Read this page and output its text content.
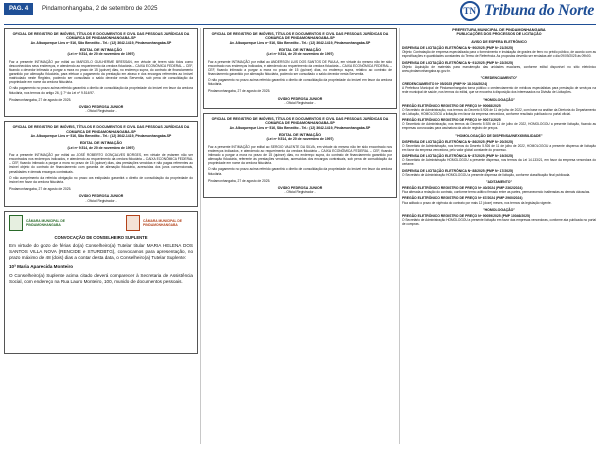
PAG. 4	Pindamonhangaba, 2 de setembro de 2025	TN Tribuna do Norte
OFICIAL DE REGISTRO DE IMÓVEIS, TÍTULOS E DOCUMENTOS E CIVIL DAS PESSOAS JURÍDICAS DA COMARCA DE PINDAMONHANGABA-SP
Av. Albuquerque Lins nº 516, São Benedito - Tel.: (12) 3642-1419, Pindamonhangaba-SP
EDITAL DE INTIMAÇÃO
(Lei nº 9.514, de 20 de novembro de 1997)

Faz a presente INTIMAÇÃO por edital ao MARCELO GUILHERME BRESSAN, em virtude de terem sido tidos como desconhecidos seus endereços, e atendendo ao requerimento da credora fiduciária – CAIXA ECONÔMICA FEDERAL – CEF, ficando o devedor intimado a purgar a mora no prazo de 15 (quinze) dias, no endereço supra, do contrato de financiamento garantido por alienação fiduciária, para efetuar o pagamento da prestação em atraso e dos encargos referentes ao imóvel matriculado neste Registro, podendo ser consultado o saldo devedor nesta Serventia, sob pena de consolidação da propriedade em nome da credora fiduciária.

O não pagamento no prazo acima referido garantirá o direito de consolidação da propriedade do imóvel em favor da credora fiduciária, nos termos do artigo 26, § 7º da Lei nº 9.514/97.

Pindamonhangaba, 27 de agosto de 2025.
OVIDIO PEDROSA JUNIOR
- Oficial Registrador -
OFICIAL DE REGISTRO DE IMÓVEIS, TÍTULOS E DOCUMENTOS E CIVIL DAS PESSOAS JURÍDICAS DA COMARCA DE PINDAMONHANGABA-SP
Av. Albuquerque Lins nº 516, São Benedito - Tel.: (12) 3642-1419, Pindamonhangaba-SP
EDITAL DE INTIMAÇÃO
(Lei nº 9.514, de 20 de novembro de 1997)

Faz a presente INTIMAÇÃO por edital ao JOSÉ ROBERTO GONÇALVES BORGES, em virtude de estarem não ser encontrados nos endereços indicados, e atendendo ao requerimento da credora fiduciária – CAIXA ECONÔMICA FEDERAL – CEF, ficando intimado a purgar a mora no prazo de 15 (quinze) dias, das prestações vencidas e não pagas referentes ao imóvel objeto do contrato de financiamento com garantia de alienação fiduciária, acrescidas dos juros convencionais, penalidades e demais encargos contratuais.

O não cumprimento da referida obrigação no prazo ora estipulado garantirá o direito de consolidação da propriedade do imóvel em favor da credora fiduciária.

Pindamonhangaba, 27 de agosto de 2025.
OVIDIO PEDROSA JUNIOR
- Oficial Registrador -
CÂMARA MUNICIPAL DE PINDAMONHANGABA
CÂMARA MUNICIPAL DE PINDAMONHANGABA
CONVOCAÇÃO DE CONSELHEIRO SUPLENTE

Em virtude do gozo de férias do(a) Conselheiro(a) Tutelar titular MARIA HELENA DOS SANTOS VILLA NOVA (RENCIDE e STURDBTG), convocamos para apresentação, no prazo máximo de 48 (dois) dias a contar desta data, o Conselheiro(a) Tutelar Suplente:

10ª Maria Aparecida Monteiro

O Conselheiro(a) Suplente acima citado deverá comparecer à Secretaria de Assistência Social, com endereço na Rua Lauro Monteiro, 100, munido de documentos pessoais.

OFICIAL DE REGISTRO DE IMÓVEIS, TÍTULOS E DOCUMENTOS E CIVIL DAS PESSOAS JURÍDICAS DA COMARCA DE PINDAMONHANGABA-SP
Av. Albuquerque Lins nº 516, São Benedito - Tel.: (12) 3642-1419, Pindamonhangaba-SP
EDITAL DE INTIMAÇÃO
(Lei nº 9.514, de 20 de novembro de 1997)

Faz a presente INTIMAÇÃO por edital ao ANDERSON LUIS DOS SANTOS DE PAULA, em virtude do mesmo não ter sido encontrado nos endereços indicados, e atendendo ao requerimento da credora fiduciária – CAIXA ECONÔMICA FEDERAL – CEF, ficando intimado a purgar a mora no prazo de 15 (quinze) dias, no endereço supra, relativo ao contrato de financiamento garantido por alienação fiduciária, podendo ser consultado o saldo devedor nesta Serventia.

O não pagamento no prazo acima referido garantirá o direito de consolidação da propriedade do imóvel em favor da credora fiduciária.

Pindamonhangaba, 27 de agosto de 2025.
OVIDIO PEDROSA JUNIOR
- Oficial Registrador -
OFICIAL DE REGISTRO DE IMÓVEIS, TÍTULOS E DOCUMENTOS E CIVIL DAS PESSOAS JURÍDICAS DA COMARCA DE PINDAMONHANGABA-SP
Av. Albuquerque Lins nº 516, São Benedito - Tel.: (12) 3642-1419, Pindamonhangaba-SP
EDITAL DE INTIMAÇÃO
(Lei nº 9.514, de 20 de novembro de 1997)

Faz a presente INTIMAÇÃO por edital ao SERGIO VALENTE DA SILVA, em virtude do mesmo não ter sido encontrado nos endereços indicados, e atendendo ao requerimento da credora fiduciária – CAIXA ECONÔMICA FEDERAL – CEF, ficando intimado a purgar a mora no prazo de 15 (quinze) dias, no endereço supra, do contrato de financiamento garantido por alienação fiduciária, referente às prestações vencidas, acrescidas dos encargos contratuais, sob pena de consolidação da propriedade em nome da credora fiduciária.

O não pagamento no prazo acima referido garantirá o direito de consolidação da propriedade do imóvel em favor da credora fiduciária.

Pindamonhangaba, 27 de agosto de 2025.
OVIDIO PEDROSA JUNIOR
- Oficial Registrador -
PREFEITURA MUNICIPAL DE PINDAMONHANGABA
PUBLICAÇÕES DOS PROCESSOS DE LICITAÇÃO
AVISO DE ESPERA ELETRÔNICO
DISPENSA DE LICITAÇÃO ELETRÔNICA Nº 90/2025 (PMP Nº 21/2025)

Objeto: Contratação de empresa especializada para o fornecimento e instalação de grades de ferro no prédio público, de acordo com as especificações e quantidades constantes do Termo de Referência. As propostas deverão ser enviadas até o dia 09/09/2025 às 09h00.

DISPENSA DE LICITAÇÃO ELETRÔNICA Nº 91/2025 (PMP Nº 22/2025)

Objeto: Aquisição de materiais para manutenção das unidades escolares, conforme edital disponível no sítio eletrônico www.pindamonhangaba.sp.gov.br.

"CREDENCIAMENTO"
CREDENCIAMENTO Nº 05/2025 (PMP Nº 18.034/2024)

A Prefeitura Municipal de Pindamonhangaba torna público o credenciamento de médicos especialistas para prestação de serviços na rede municipal de saúde, nos termos do edital, que se encontra à disposição dos interessados na Divisão de Licitações.

"HOMOLOGAÇÃO"
PREGÃO ELETRÔNICO REGISTRO DE PREÇO Nº 90068/2025

O Secretário de Administração, nos termos do Decreto 5.926 de 11 de julho de 2022, com base na análise da Diretoria do Departamento de Licitação, HOMOLOGOU a licitação em favor da empresa vencedora, conforme resultado publicado no portal oficial.

PREGÃO ELETRÔNICO REGISTRO DE PREÇO Nº 90071/2025

O Secretário de Administração, nos termos do Decreto 5.926 de 11 de julho de 2022, HOMOLOGOU a presente licitação, ficando as empresas convocadas para assinatura da ata de registro de preços.

"HOMOLOGAÇÃO DE DISPENSA/INEXIGIBILIDADE"
DISPENSA DE LICITAÇÃO ELETRÔNICA Nº 86/2025 (PMP Nº 20/2025)

O Secretário de Administração, nos termos do Decreto 5.926 de 11 de julho de 2022, HOMOLOGOU a presente dispensa de licitação em favor da empresa vencedora, pelo valor global constante do processo.

DISPENSA DE LICITAÇÃO ELETRÔNICA Nº 87/2025 (PMP Nº 19/2025)

O Secretário de Administração HOMOLOGOU a presente dispensa, nos termos da Lei 14.133/21, em favor da empresa vencedora do certame.

DISPENSA DE LICITAÇÃO ELETRÔNICA Nº 88/2025 (PMP Nº 17/2025)

O Secretário de Administração HOMOLOGOU a presente dispensa de licitação, conforme classificação final publicada.

"ADITAMENTO"
PREGÃO ELETRÔNICO REGISTRO DE PREÇO Nº 40/2024 (PMP 2362/2024)

Fica alterada a redação do contrato, conforme termo aditivo firmado entre as partes, permanecendo inalteradas as demais cláusulas.

PREGÃO ELETRÔNICO REGISTRO DE PREÇO Nº 67/2024 (PMP 2960/2024)

Fica aditado o prazo de vigência do contrato por mais 12 (doze) meses, nos termos da legislação vigente.

"HOMOLOGAÇÃO"
PREGÃO ELETRÔNICO REGISTRO DE PREÇO Nº 90059/2025 (PMP 10046/2025)

O Secretário de Administração HOMOLOGOU a presente licitação em favor das empresas vencedoras, conforme ata publicada no portal de compras.
